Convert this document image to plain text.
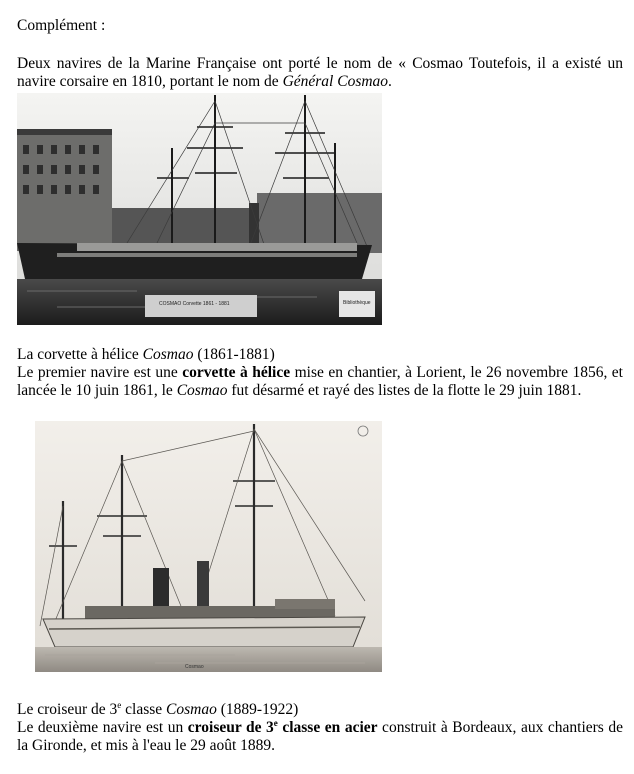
Complément :

Deux navires de la Marine Française ont porté le nom de « Cosmao Toutefois, il a existé un navire corsaire en 1810, portant le nom de Général Cosmao.

COSMAO Corvette 1861 - 1881	Bibliothèque

La corvette à hélice Cosmao (1861-1881)

Le premier navire est une corvette à hélice mise en chantier, à Lorient, le 26 novembre 1856, et lancée le 10 juin 1861, le Cosmao fut désarmé et rayé des listes de la flotte le 29 juin 1881.

Cosmao

Le croiseur de 3e classe Cosmao (1889-1922)

Le deuxième navire est un croiseur de 3e classe en acier construit à Bordeaux, aux chantiers de la Gironde, et mis à l'eau le 29 août 1889.
